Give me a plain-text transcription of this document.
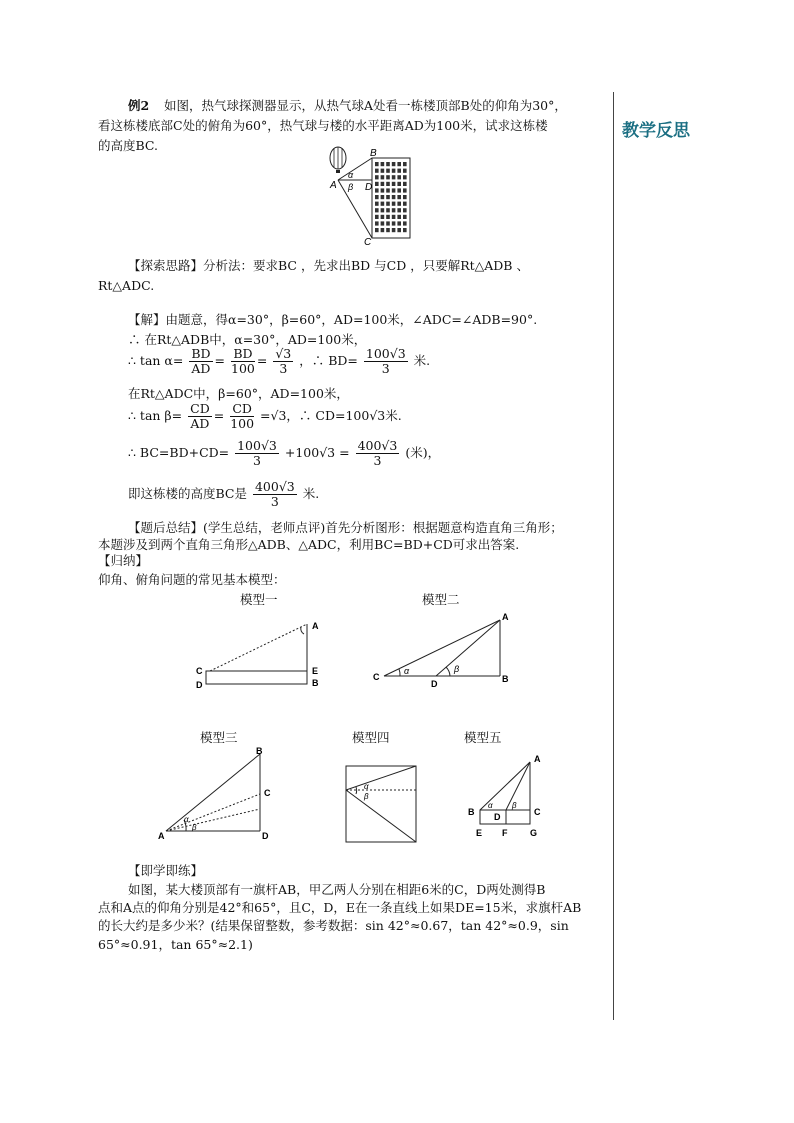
教学反思
例2 如图，热气球探测器显示，从热气球A处看一栋楼顶部B处的仰角为30°，
看这栋楼底部C处的俯角为60°，热气球与楼的水平距离AD为100米，试求这栋楼
的高度BC.
A
B
C
D
α
β
【探索思路】分析法：要求BC ，先求出BD 与CD ，只要解Rt△ADB 、
Rt△ADC.
【解】由题意，得α=30°，β=60°，AD=100米，∠ADC=∠ADB=90°.
∴ 在Rt△ADB中，α=30°，AD=100米，
∴ $\tan \alpha= \frac{BD}{AD} = \frac{BD}{100} = \frac{√3}{3}$ ，∴ $BD= \frac{100√3}{3}$ 米.
在Rt△ADC中，β=60°，AD=100米，
∴ $\tan \beta= \frac{CD}{AD} = \frac{CD}{100} =√3$，∴ CD=100√3米.
∴ $BC=BD+CD= \frac{100√3}{3} +100√3 = \frac{400√3}{3}$ (米)，
即这栋楼的高度BC是 $\frac{400√3}{3}$ 米.
【题后总结】(学生总结，老师点评)首先分析图形：根据题意构造直角三角形；
本题涉及到两个直角三角形△ADB、△ADC，利用BC=BD+CD可求出答案.
【归纳】
仰角、俯角问题的常见基本模型：
模型一
A
C
D
E
B
模型二
A
B
C
D
α	β
模型三
B
C
D
A
α
β
模型四
α
β
模型五
A
B	C
D
E F	G
α β
【即学即练】
如图，某大楼顶部有一旗杆AB，甲乙两人分别在相距6米的C，D两处测得B
点和A点的仰角分别是42°和65°，且C，D，E在一条直线上如果DE=15米，求旗杆AB
的长大约是多少米？(结果保留整数，参考数据：sin 42°≈0.67，tan 42°≈0.9，sin
65°≈0.91，tan 65°≈2.1)
